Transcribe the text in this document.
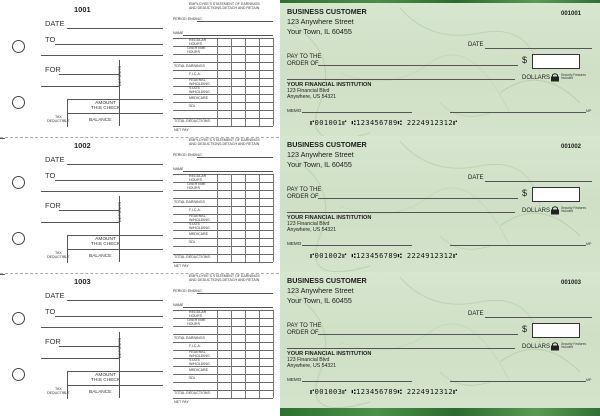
1001
DATE
TO
FOR	DEPOSITS
AMOUNT
THIS CHECK
TAX
DEDUCTIBLE	BALANCE
EMPLOYEE'S STATEMENT OF EARNINGS
AND DEDUCTIONS-DETACH AND RETAIN
PERIOD ENDING
NAME
REGULAR
HOURS
OVERTIME
HOURS
TOTAL EARNINGS
F.I.C.A.
FEDERAL
W/HOLDING
STATE
W/HOLDING
MEDICARE
SDI
TOTAL DEDUCTIONS
NET PAY
BUSINESS CUSTOMER
123 Anywhere Street
Your Town, IL 60455
001001
DATE
PAY TO THE
ORDER OF	$
DOLLARS	Security Features Included
YOUR FINANCIAL INSTITUTION
123 Financial Blvd
Anywhere, US 54321
MEMO	MP
⑈001001⑈ ⑆123456789⑆ 2224912312⑈
1002
DATE
TO
FOR	DEPOSITS
AMOUNT
THIS CHECK
TAX
DEDUCTIBLE	BALANCE
EMPLOYEE'S STATEMENT OF EARNINGS
AND DEDUCTIONS-DETACH AND RETAIN
PERIOD ENDING
NAME
REGULAR
HOURS
OVERTIME
HOURS
TOTAL EARNINGS
F.I.C.A.
FEDERAL
W/HOLDING
STATE
W/HOLDING
MEDICARE
SDI
TOTAL DEDUCTIONS
NET PAY
BUSINESS CUSTOMER
123 Anywhere Street
Your Town, IL 60455
001002
DATE
PAY TO THE
ORDER OF	$
DOLLARS	Security Features Included
YOUR FINANCIAL INSTITUTION
123 Financial Blvd
Anywhere, US 54321
MEMO	MP
⑈001002⑈ ⑆123456789⑆ 2224912312⑈
1003
DATE
TO
FOR	DEPOSITS
AMOUNT
THIS CHECK
TAX
DEDUCTIBLE	BALANCE
EMPLOYEE'S STATEMENT OF EARNINGS
AND DEDUCTIONS-DETACH AND RETAIN
PERIOD ENDING
NAME
REGULAR
HOURS
OVERTIME
HOURS
TOTAL EARNINGS
F.I.C.A.
FEDERAL
W/HOLDING
STATE
W/HOLDING
MEDICARE
SDI
TOTAL DEDUCTIONS
NET PAY
BUSINESS CUSTOMER
123 Anywhere Street
Your Town, IL 60455
001003
DATE
PAY TO THE
ORDER OF	$
DOLLARS	Security Features Included
YOUR FINANCIAL INSTITUTION
123 Financial Blvd
Anywhere, US 54321
MEMO	MP
⑈001003⑈ ⑆123456789⑆ 2224912312⑈
